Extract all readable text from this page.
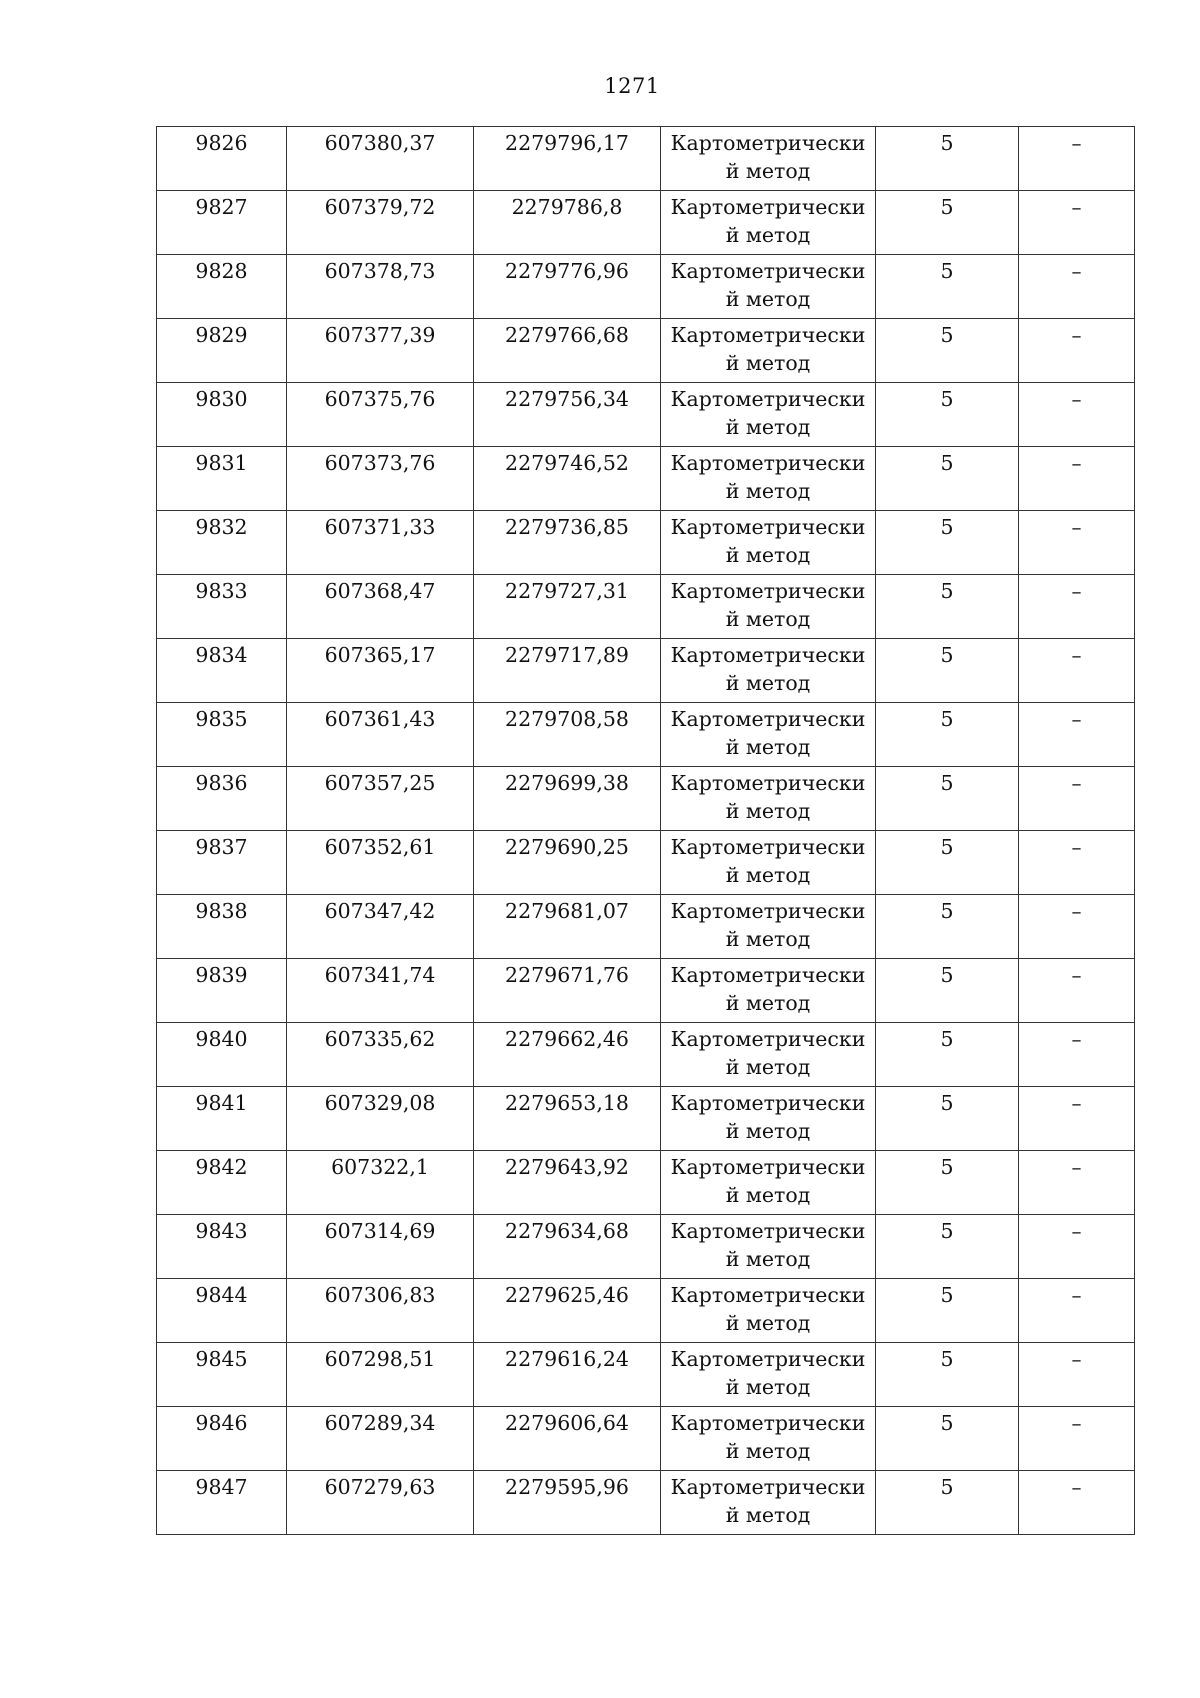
1271
9826	607380,37	2279796,17	Картометрически
й метод	5	–

9827	607379,72	2279786,8	Картометрически
й метод	5	–

9828	607378,73	2279776,96	Картометрически
й метод	5	–

9829	607377,39	2279766,68	Картометрически
й метод	5	–

9830	607375,76	2279756,34	Картометрически
й метод	5	–

9831	607373,76	2279746,52	Картометрически
й метод	5	–

9832	607371,33	2279736,85	Картометрически
й метод	5	–

9833	607368,47	2279727,31	Картометрически
й метод	5	–

9834	607365,17	2279717,89	Картометрически
й метод	5	–

9835	607361,43	2279708,58	Картометрически
й метод	5	–

9836	607357,25	2279699,38	Картометрически
й метод	5	–

9837	607352,61	2279690,25	Картометрически
й метод	5	–

9838	607347,42	2279681,07	Картометрически
й метод	5	–

9839	607341,74	2279671,76	Картометрически
й метод	5	–

9840	607335,62	2279662,46	Картометрически
й метод	5	–

9841	607329,08	2279653,18	Картометрически
й метод	5	–

9842	607322,1	2279643,92	Картометрически
й метод	5	–

9843	607314,69	2279634,68	Картометрически
й метод	5	–

9844	607306,83	2279625,46	Картометрически
й метод	5	–

9845	607298,51	2279616,24	Картометрически
й метод	5	–

9846	607289,34	2279606,64	Картометрически
й метод	5	–

9847	607279,63	2279595,96	Картометрически
й метод	5	–
